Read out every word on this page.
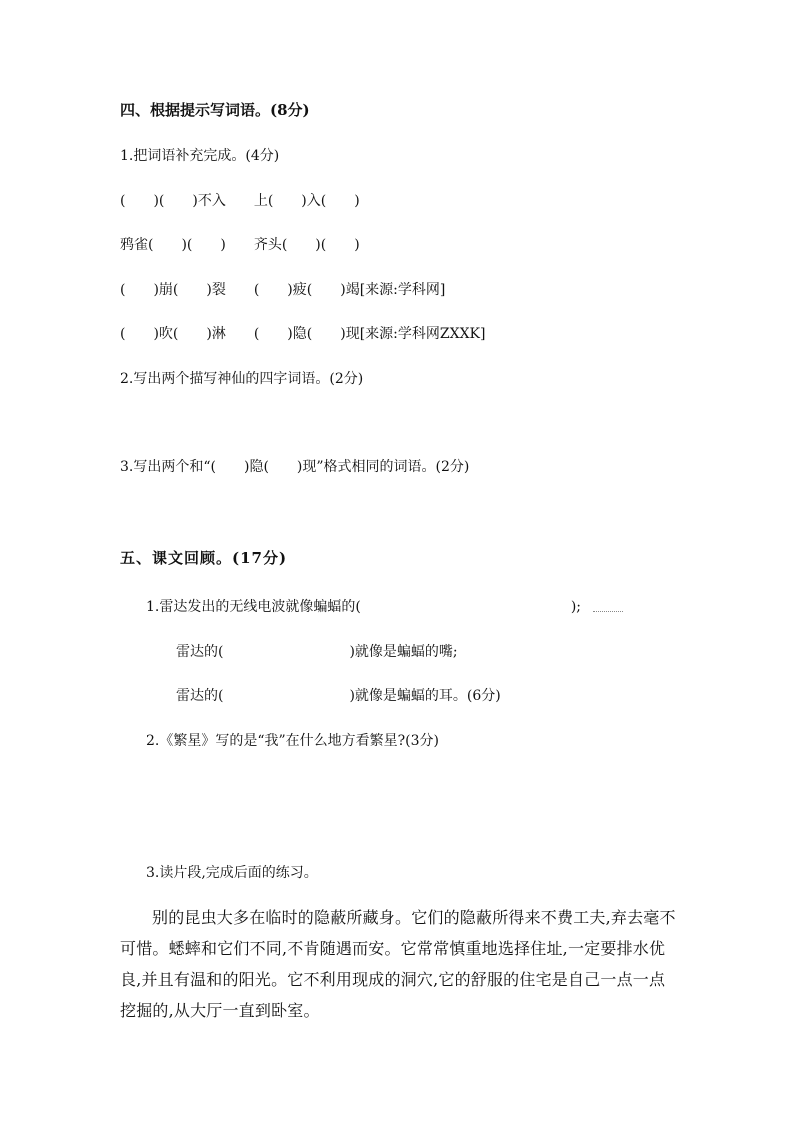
四、根据提示写词语。(8分)
1.把词语补充完成。(4分)
(　　)(　　)不入　　上(　　)入(　　)
鸦雀(　　)(　　)　　齐头(　　)(　　)
(　　)崩(　　)裂　　(　　)疲(　　)竭[来源:学科网]
(　　)吹(　　)淋　　(　　)隐(　　)现[来源:学科网ZXXK]
2.写出两个描写神仙的四字词语。(2分)
3.写出两个和“(　　)隐(　　)现”格式相同的词语。(2分)
五、课文回顾。(17分)
1.雷达发出的无线电波就像蝙蝠的(　　　　　　　　　　　　　　　);
雷达的(　　　　　　　　　)就像是蝙蝠的嘴;
雷达的(　　　　　　　　　)就像是蝙蝠的耳。(6分)
2.《繁星》写的是“我”在什么地方看繁星?(3分)
3.读片段,完成后面的练习。
别的昆虫大多在临时的隐蔽所藏身。它们的隐蔽所得来不费工夫,弃去毫不可惜。蟋蟀和它们不同,不肯随遇而安。它常常慎重地选择住址,一定要排水优良,并且有温和的阳光。它不利用现成的洞穴,它的舒服的住宅是自己一点一点挖掘的,从大厅一直到卧室。
